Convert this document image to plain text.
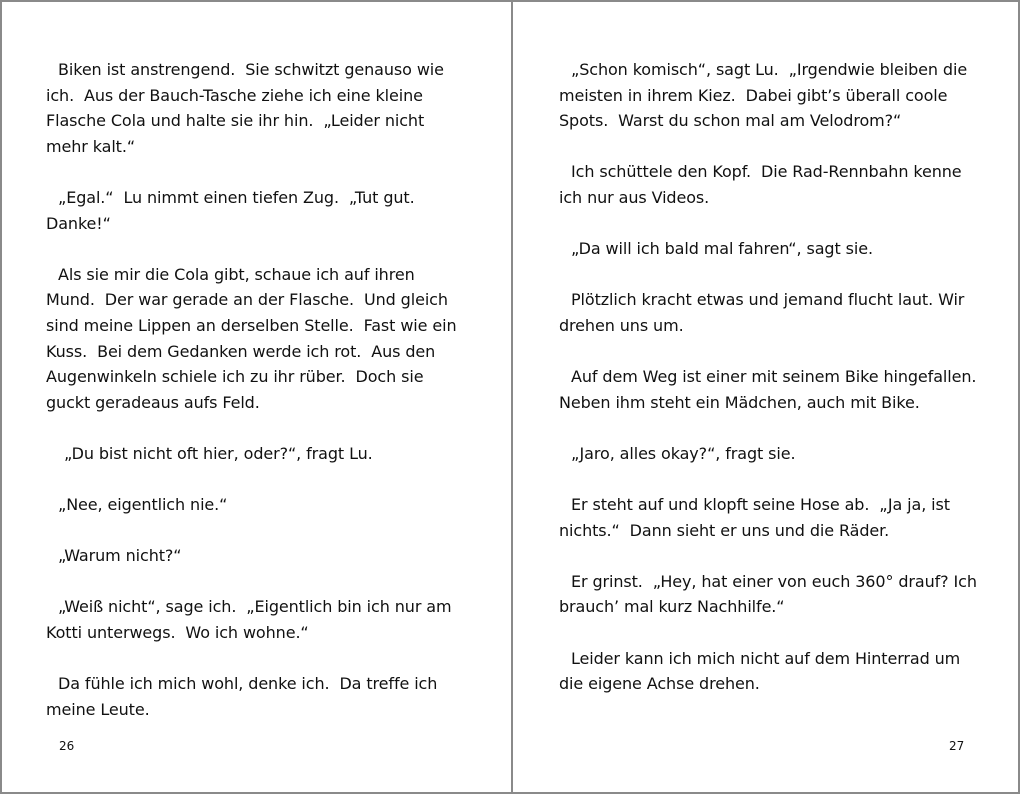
Biken ist anstrengend.  Sie schwitzt genauso wie ich.  Aus der Bauch-Tasche ziehe ich eine kleine Flasche Cola und halte sie ihr hin.  „Leider nicht mehr kalt.“

„Egal.“  Lu nimmt einen tiefen Zug.  „Tut gut. Danke!“

Als sie mir die Cola gibt, schaue ich auf ihren Mund.  Der war gerade an der Flasche.  Und gleich sind meine Lippen an derselben Stelle.  Fast wie ein Kuss.  Bei dem Gedanken werde ich rot.  Aus den Augenwinkeln schiele ich zu ihr rüber.  Doch sie guckt geradeaus aufs Feld.

„Du bist nicht oft hier, oder?“, fragt Lu.

„Nee, eigentlich nie.“

„Warum nicht?“

„Weiß nicht“, sage ich.  „Eigentlich bin ich nur am Kotti unterwegs.  Wo ich wohne.“

Da fühle ich mich wohl, denke ich.  Da treffe ich meine Leute.

26

„Schon komisch“, sagt Lu.  „Irgendwie bleiben die meisten in ihrem Kiez.  Dabei gibt’s überall coole Spots.  Warst du schon mal am Velodrom?“

Ich schüttele den Kopf.  Die Rad-Rennbahn kenne ich nur aus Videos.

„Da will ich bald mal fahren“, sagt sie.

Plötzlich kracht etwas und jemand flucht laut. Wir drehen uns um.

Auf dem Weg ist einer mit seinem Bike hingefallen. Neben ihm steht ein Mädchen, auch mit Bike.

„Jaro, alles okay?“, fragt sie.

Er steht auf und klopft seine Hose ab.  „Ja ja, ist nichts.“  Dann sieht er uns und die Räder.

Er grinst.  „Hey, hat einer von euch 360° drauf? Ich brauch’ mal kurz Nachhilfe.“

Leider kann ich mich nicht auf dem Hinterrad um die eigene Achse drehen.

27
